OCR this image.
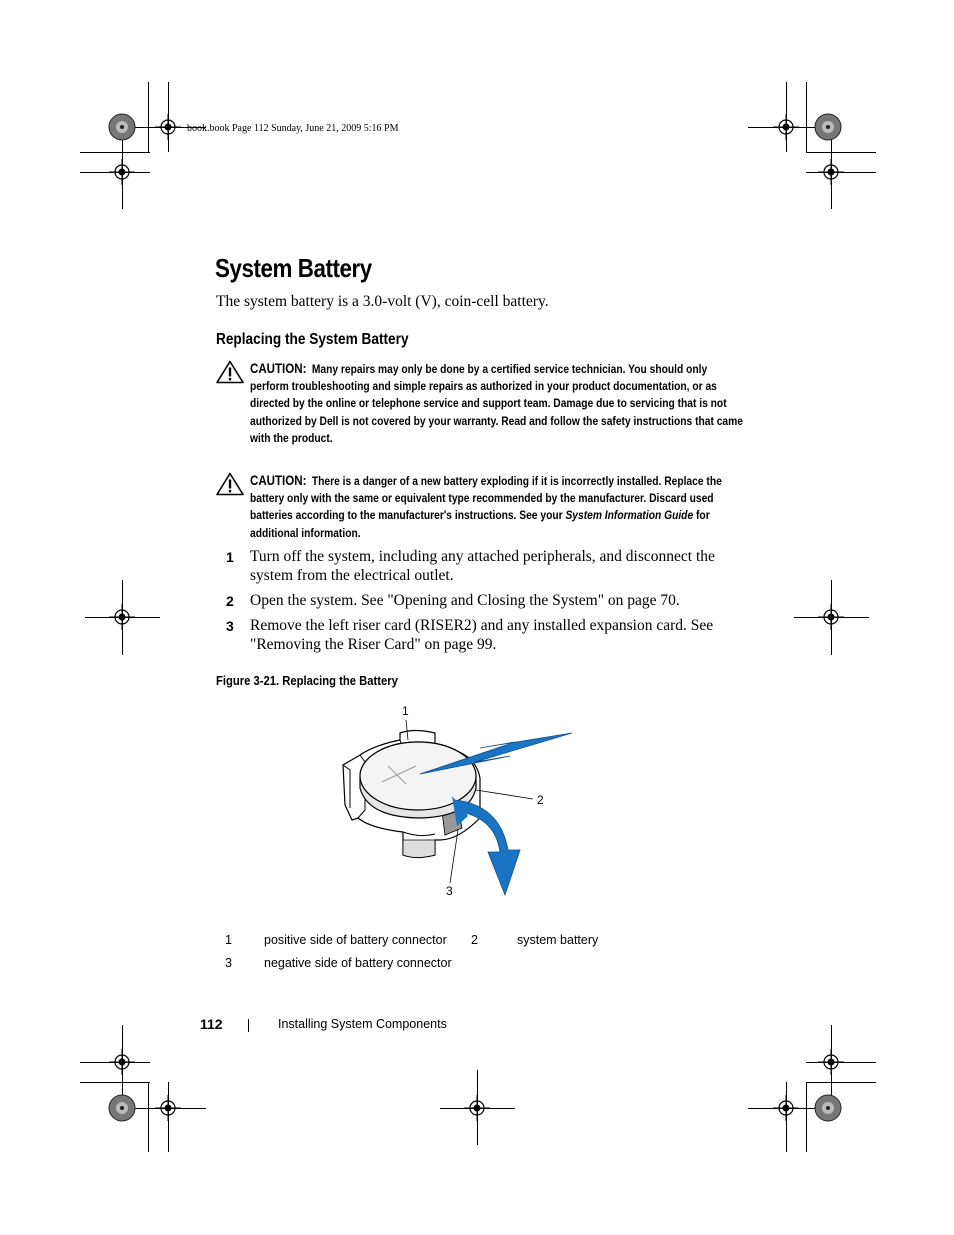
book.book Page 112 Sunday, June 21, 2009 5:16 PM
System Battery
The system battery is a 3.0-volt (V), coin-cell battery.
Replacing the System Battery
CAUTION: Many repairs may only be done by a certified service technician. You should only perform troubleshooting and simple repairs as authorized in your product documentation, or as directed by the online or telephone service and support team. Damage due to servicing that is not authorized by Dell is not covered by your warranty. Read and follow the safety instructions that came with the product.
CAUTION: There is a danger of a new battery exploding if it is incorrectly installed. Replace the battery only with the same or equivalent type recommended by the manufacturer. Discard used batteries according to the manufacturer's instructions. See your System Information Guide for additional information.
1 Turn off the system, including any attached peripherals, and disconnect the system from the electrical outlet.
2 Open the system. See "Opening and Closing the System" on page 70.
3 Remove the left riser card (RISER2) and any installed expansion card. See "Removing the Riser Card" on page 99.
Figure 3-21. Replacing the Battery
1
2
3
1	positive side of battery connector 2	system battery
3	negative side of battery connector
112	Installing System Components
